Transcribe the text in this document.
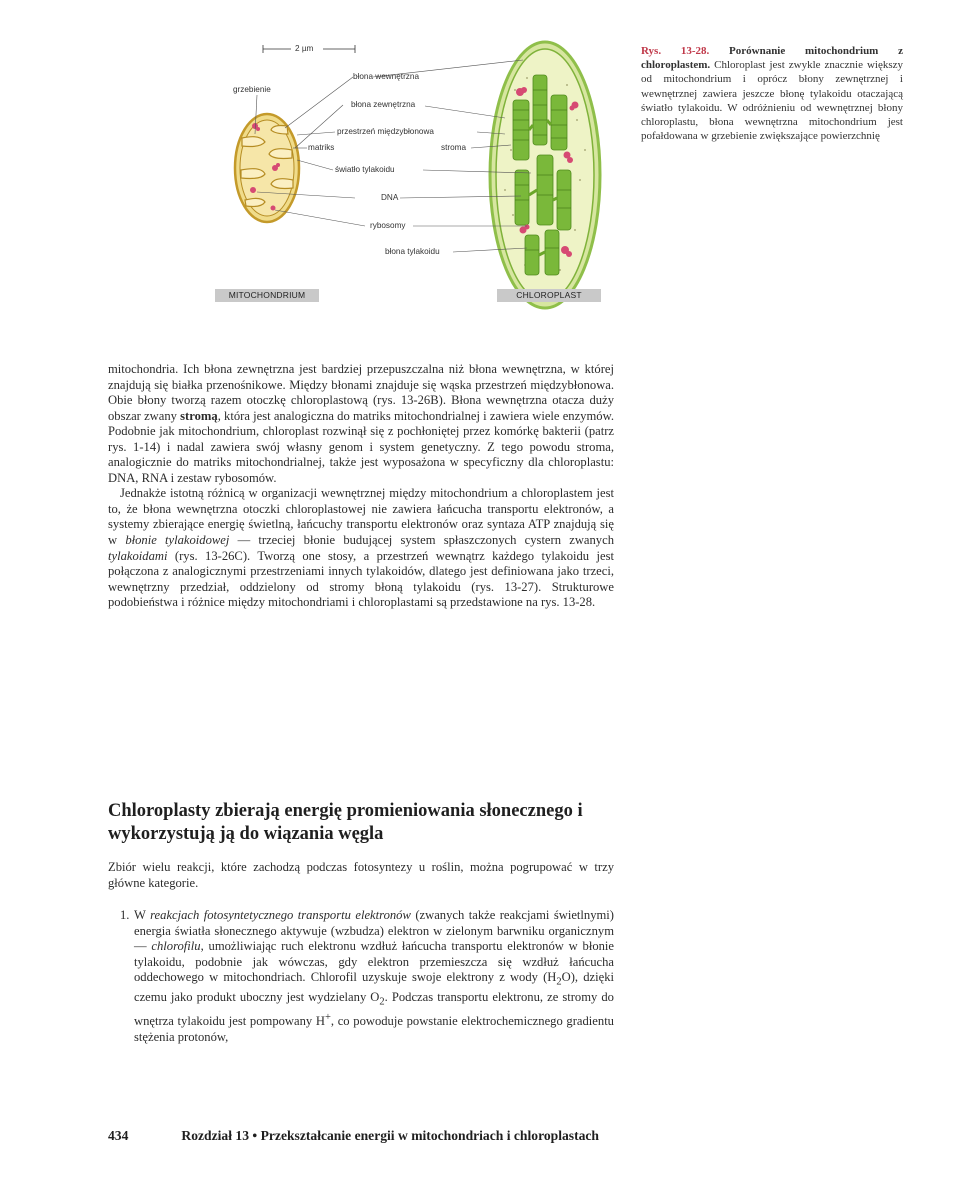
2 µm
grzebienie
błona wewnętrzna
błona zewnętrzna
przestrzeń międzybłonowa
matriks	stroma
światło tylakoidu
DNA
rybosomy
błona tylakoidu
MITOCHONDRIUM	CHLOROPLAST
Rys. 13-28. Porównanie mitochondrium z chloroplastem. Chloroplast jest zwykle znacznie większy od mitochondrium i oprócz błony zewnętrznej i wewnętrznej zawiera jeszcze błonę tylakoidu otaczającą światło tylakoidu. W odróżnieniu od wewnętrznej błony chloroplastu, błona wewnętrzna mitochondrium jest pofałdowana w grzebienie zwiększające powierzchnię

mitochondria. Ich błona zewnętrzna jest bardziej przepuszczalna niż błona wewnętrzna, w której znajdują się białka przenośnikowe. Między błonami znajduje się wąska przestrzeń międzybłonowa. Obie błony tworzą razem otoczkę chloroplastową (rys. 13-26B). Błona wewnętrzna otacza duży obszar zwany stromą, która jest analogiczna do matriks mitochondrialnej i zawiera wiele enzymów. Podobnie jak mitochondrium, chloroplast rozwinął się z pochłoniętej przez komórkę bakterii (patrz rys. 1-14) i nadal zawiera swój własny genom i system genetyczny. Z tego powodu stroma, analogicznie do matriks mitochondrialnej, także jest wyposażona w specyficzny dla chloroplastu: DNA, RNA i zestaw rybosomów.

Jednakże istotną różnicą w organizacji wewnętrznej między mitochondrium a chloroplastem jest to, że błona wewnętrzna otoczki chloroplastowej nie zawiera łańcucha transportu elektronów, a systemy zbierające energię świetlną, łańcuchy transportu elektronów oraz syntaza ATP znajdują się w błonie tylakoidowej — trzeciej błonie budującej system spłaszczonych cystern zwanych tylakoidami (rys. 13-26C). Tworzą one stosy, a przestrzeń wewnątrz każdego tylakoidu jest połączona z analogicznymi przestrzeniami innych tylakoidów, dlatego jest definiowana jako trzeci, wewnętrzny przedział, oddzielony od stromy błoną tylakoidu (rys. 13-27). Strukturowe podobieństwa i różnice między mitochondriami i chloroplastami są przedstawione na rys. 13-28.

Chloroplasty zbierają energię promieniowania słonecznego i wykorzystują ją do wiązania węgla
Zbiór wielu reakcji, które zachodzą podczas fotosyntezy u roślin, można pogrupować w trzy główne kategorie.
1. W reakcjach fotosyntetycznego transportu elektronów (zwanych także reakcjami świetlnymi) energia światła słonecznego aktywuje (wzbudza) elektron w zielonym barwniku organicznym — chlorofilu, umożliwiając ruch elektronu wzdłuż łańcucha transportu elektronów w błonie tylakoidu, podobnie jak wówczas, gdy elektron przemieszcza się wzdłuż łańcucha oddechowego w mitochondriach. Chlorofil uzyskuje swoje elektrony z wody $(H_2O)$, dzięki czemu jako produkt uboczny jest wydzielany $O_2$. Podczas transportu elektronu, ze stromy do wnętrza tylakoidu jest pompowany H+, co powoduje powstanie elektrochemicznego gradientu stężenia protonów,
434	Rozdział 13 • Przekształcanie energii w mitochondriach i chloroplastach
